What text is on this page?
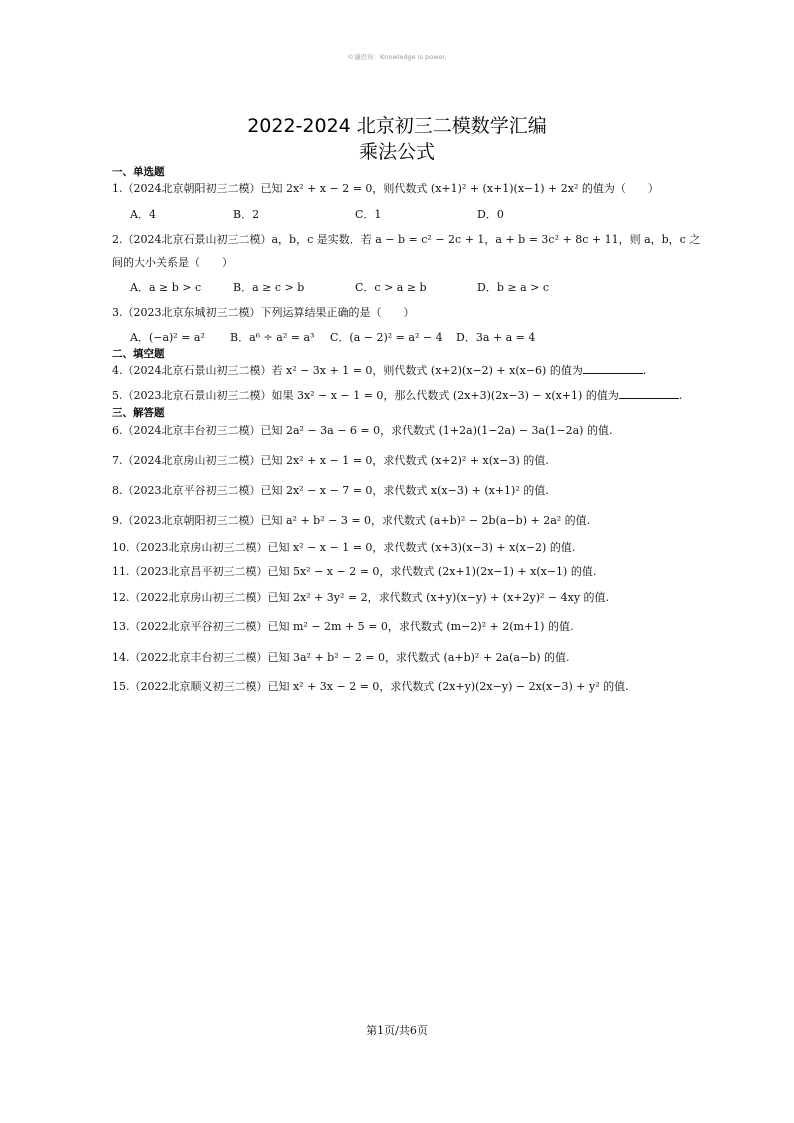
©谦思得：Knowledge is power.
2022-2024 北京初三二模数学汇编
乘法公式
一、单选题
1.（2024北京朝阳初三二模）已知 2x² + x − 2 = 0，则代数式 (x+1)² + (x+1)(x−1) + 2x² 的值为（　　）
A．4	B．2	C．1	D．0
2.（2024北京石景山初三二模）a，b，c 是实数．若 a − b = c² − 2c + 1，a + b = 3c² + 8c + 11，则 a，b，c 之
间的大小关系是（　　）
A．a ≥ b > c	B．a ≥ c > b	C．c > a ≥ b	D．b ≥ a > c
3.（2023北京东城初三二模）下列运算结果正确的是（　　）
A．(−a)² = a² B．a⁶ ÷ a² = a³ C．(a − 2)² = a² − 4 D．3a + a = 4
二、填空题
4.（2024北京石景山初三二模）若 x² − 3x + 1 = 0，则代数式 (x+2)(x−2) + x(x−6) 的值为	.
5.（2023北京石景山初三二模）如果 3x² − x − 1 = 0，那么代数式 (2x+3)(2x−3) − x(x+1) 的值为	.
三、解答题
6.（2024北京丰台初三二模）已知 2a² − 3a − 6 = 0，求代数式 (1+2a)(1−2a) − 3a(1−2a) 的值.
7.（2024北京房山初三二模）已知 2x² + x − 1 = 0，求代数式 (x+2)² + x(x−3) 的值.
8.（2023北京平谷初三二模）已知 2x² − x − 7 = 0，求代数式 x(x−3) + (x+1)² 的值.
9.（2023北京朝阳初三二模）已知 a² + b² − 3 = 0，求代数式 (a+b)² − 2b(a−b) + 2a² 的值.
10.（2023北京房山初三二模）已知 x² − x − 1 = 0，求代数式 (x+3)(x−3) + x(x−2) 的值.
11.（2023北京昌平初三二模）已知 5x² − x − 2 = 0，求代数式 (2x+1)(2x−1) + x(x−1) 的值.
12.（2022北京房山初三二模）已知 2x² + 3y² = 2，求代数式 (x+y)(x−y) + (x+2y)² − 4xy 的值.
13.（2022北京平谷初三二模）已知 m² − 2m + 5 = 0，求代数式 (m−2)² + 2(m+1) 的值.
14.（2022北京丰台初三二模）已知 3a² + b² − 2 = 0，求代数式 (a+b)² + 2a(a−b) 的值.
15.（2022北京顺义初三二模）已知 x² + 3x − 2 = 0，求代数式 (2x+y)(2x−y) − 2x(x−3) + y² 的值.
第1页/共6页
